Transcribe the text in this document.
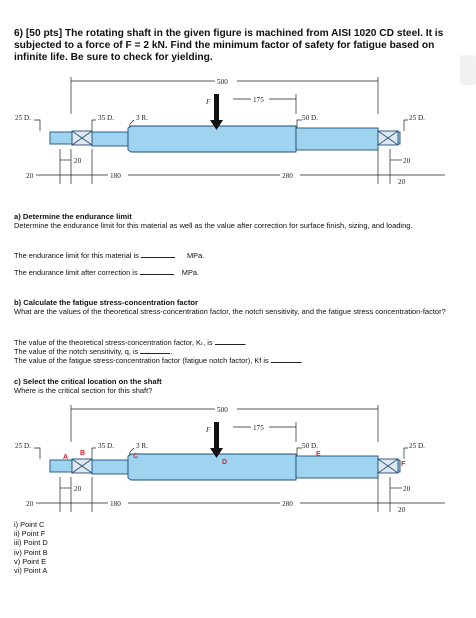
6) [50 pts] The rotating shaft in the given figure is machined from AISI 1020 CD steel. It is subjected to a force of F = 2 kN. Find the minimum factor of safety for fatigue based on infinite life. Be sure to check for yielding.
500
F	175
25 D.	35 D.	3 R.	50 D.	25 D.
20	20
20	180	280
20
a) Determine the endurance limit
Determine the endurance limit for this material as well as the value after correction for surface finish, sizing, and loading.
The endurance limit for this material is	MPa.
The endurance limit after correction is	MPa.
b) Calculate the fatigue stress-concentration factor
What are the values of the theoretical stress-concentration factor, the notch sensitivity, and the fatigue stress concentration-factor?
The value of the theoretical stress-concentration factor, Kₜ, is	.
The value of the notch sensitivity, q, is	.
The value of the fatigue stress-concentration factor (fatigue notch factor), Kf is	.
c) Select the critical location on the shaft
Where is the critical section for this shaft?
500
F	175
25 D.	35 D.	3 R.	50 D.	25 D.
20	20
20	180	280
20
A
B	C
D
E
F
i) Point C
ii) Point F
iii) Point D
iv) Point B
v) Point E
vi) Point A
